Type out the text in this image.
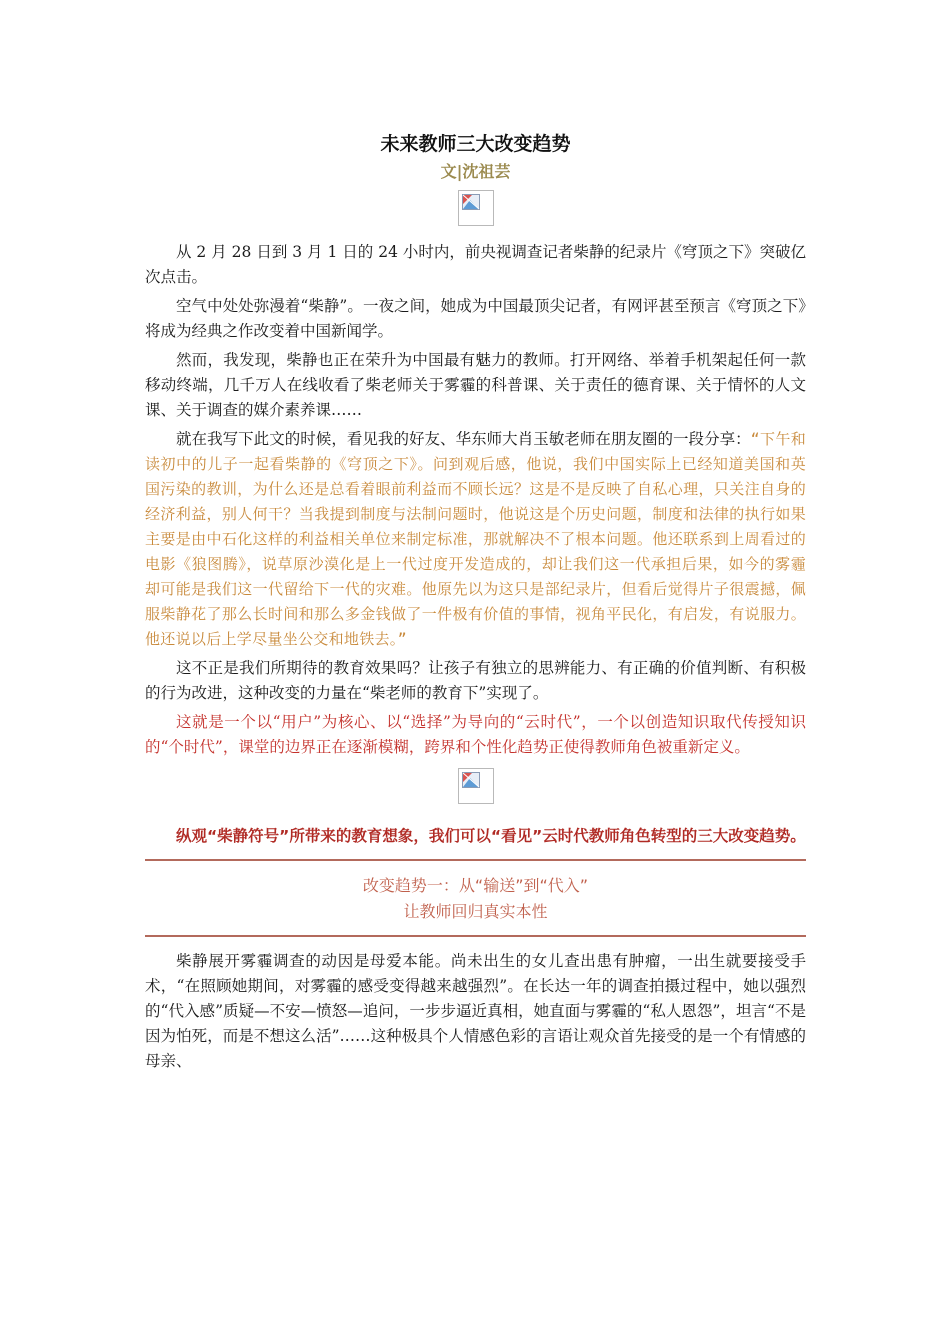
未来教师三大改变趋势
文|沈祖芸

从 2 月 28 日到 3 月 1 日的 24 小时内，前央视调查记者柴静的纪录片《穹顶之下》突破亿次点击。

空气中处处弥漫着“柴静”。一夜之间，她成为中国最顶尖记者，有网评甚至预言《穹顶之下》将成为经典之作改变着中国新闻学。

然而，我发现，柴静也正在荣升为中国最有魅力的教师。打开网络、举着手机架起任何一款移动终端，几千万人在线收看了柴老师关于雾霾的科普课、关于责任的德育课、关于情怀的人文课、关于调查的媒介素养课……

就在我写下此文的时候，看见我的好友、华东师大肖玉敏老师在朋友圈的一段分享：“下午和读初中的儿子一起看柴静的《穹顶之下》。问到观后感，他说，我们中国实际上已经知道美国和英国污染的教训，为什么还是总看着眼前利益而不顾长远？这是不是反映了自私心理，只关注自身的经济利益，别人何干？当我提到制度与法制问题时，他说这是个历史问题，制度和法律的执行如果主要是由中石化这样的利益相关单位来制定标准，那就解决不了根本问题。他还联系到上周看过的电影《狼图腾》，说草原沙漠化是上一代过度开发造成的，却让我们这一代承担后果，如今的雾霾却可能是我们这一代留给下一代的灾难。他原先以为这只是部纪录片，但看后觉得片子很震撼，佩服柴静花了那么长时间和那么多金钱做了一件极有价值的事情，视角平民化，有启发，有说服力。他还说以后上学尽量坐公交和地铁去。”

这不正是我们所期待的教育效果吗？让孩子有独立的思辨能力、有正确的价值判断、有积极的行为改进，这种改变的力量在“柴老师的教育下”实现了。

这就是一个以“用户”为核心、以“选择”为导向的“云时代”，一个以创造知识取代传授知识的“个时代”，课堂的边界正在逐渐模糊，跨界和个性化趋势正使得教师角色被重新定义。

纵观“柴静符号”所带来的教育想象，我们可以“看见”云时代教师角色转型的三大改变趋势。

改变趋势一：从“输送”到“代入”
让教师回归真实本性

柴静展开雾霾调查的动因是母爱本能。尚未出生的女儿查出患有肿瘤，一出生就要接受手术，“在照顾她期间，对雾霾的感受变得越来越强烈”。在长达一年的调查拍摄过程中，她以强烈的“代入感”质疑—不安—愤怒—追问，一步步逼近真相，她直面与雾霾的“私人恩怨”，坦言“不是因为怕死，而是不想这么活”……这种极具个人情感色彩的言语让观众首先接受的是一个有情感的母亲、
